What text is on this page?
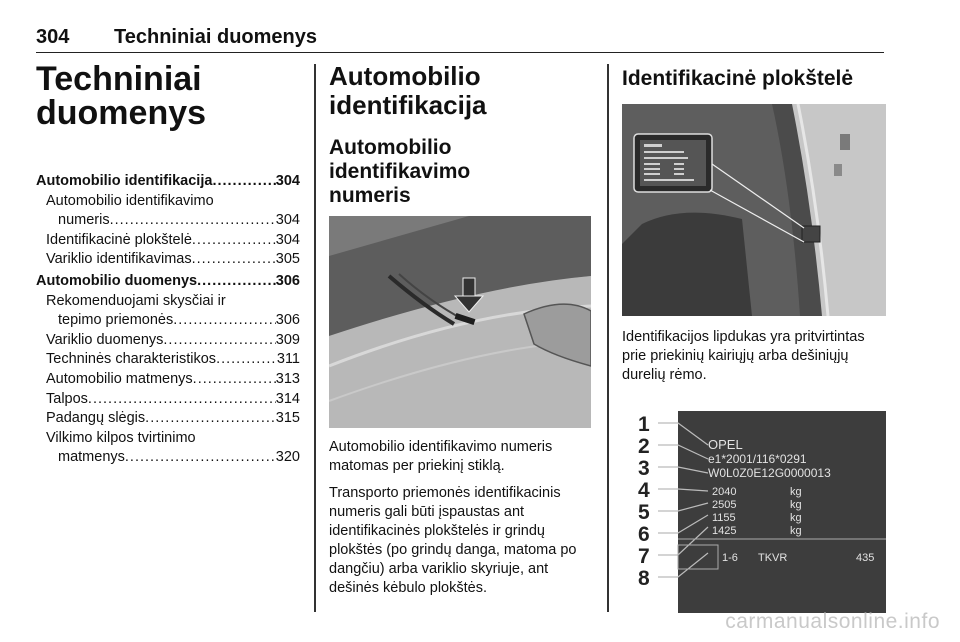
304 Techniniai duomenys
Techniniai
duomenys
Automobilio identifikacija .....	304
Automobilio identifikavimo
numeris .....	304
Identifikacinė plokštelė .....	304
Variklio identifikavimas .....	305
Automobilio duomenys .....	306
Rekomenduojami skysčiai ir
tepimo priemonės .....	306
Variklio duomenys .....	309
Techninės charakteristikos .....	311
Automobilio matmenys .....	313
Talpos .....	314
Padangų slėgis .....	315
Vilkimo kilpos tvirtinimo
matmenys .....	320
Automobilio
identifikacija
Automobilio identifikavimo
numeris

Automobilio identifikavimo numeris matomas per priekinį stiklą.

Transporto priemonės identifikacinis numeris gali būti įspaustas ant identifikacinės plokštelės ir grindų plokštės (po grindų danga, matoma po dangčiu) arba variklio skyriuje, ant dešinės kėbulo plokštės.

Identifikacinė plokštelė

Identifikacijos lipdukas yra pritvirtintas prie priekinių kairiųjų arba dešiniųjų durelių rėmo.

1
2
3
4
5
6
7
8
OPEL
e1*2001/116*0291
W0L0Z0E12G0000013
2040	kg
2505	kg
1155	kg
1425	kg
1-6 TKVR	435
carmanualsonline.info
